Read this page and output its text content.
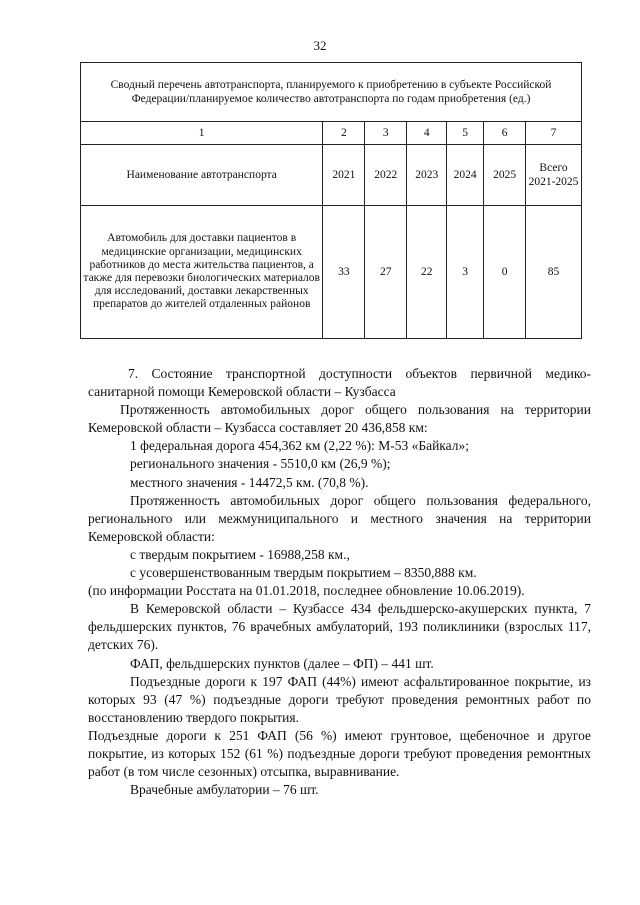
32
Сводный перечень автотранспорта, планируемого к приобретению в субъекте Российской Федерации/планируемое количество автотранспорта по годам приобретения (ед.)						
1	2	3	4	5	6	7
Наименование автотранспорта	2021	2022	2023	2024	2025	Всего 2021-2025
Автомобиль для доставки пациентов в медицинские организации, медицинских работников до места жительства пациентов, а также для перевозки биологических материалов для исследований, доставки лекарственных препаратов до жителей отдаленных районов	33	27	22	3	0	85

7. Состояние транспортной доступности объектов первичной медико-санитарной помощи Кемеровской области – Кузбасса

Протяженность автомобильных дорог общего пользования на территории Кемеровской области – Кузбасса составляет 20 436,858 км:

1 федеральная дорога 454,362 км (2,22 %): М-53 «Байкал»;

регионального значения - 5510,0 км (26,9 %);

местного значения - 14472,5 км. (70,8 %).

Протяженность автомобильных дорог общего пользования федерального, регионального или межмуниципального и местного значения на территории Кемеровской области:

с твердым покрытием - 16988,258 км.,

с усовершенствованным твердым покрытием – 8350,888 км.

(по информации Росстата на 01.01.2018, последнее обновление 10.06.2019).

В Кемеровской области – Кузбассе 434 фельдшерско-акушерских пункта, 7 фельдшерских пунктов, 76 врачебных амбулаторий, 193 поликлиники (взрослых 117, детских 76).

ФАП, фельдшерских пунктов (далее – ФП) – 441 шт.

Подъездные дороги к 197 ФАП (44%) имеют асфальтированное покрытие, из которых 93 (47 %) подъездные дороги требуют проведения ремонтных работ по восстановлению твердого покрытия.

Подъездные дороги к 251 ФАП (56 %) имеют грунтовое, щебеночное и другое покрытие, из которых 152 (61 %) подъездные дороги требуют проведения ремонтных работ (в том числе сезонных) отсыпка, выравнивание.

Врачебные амбулатории – 76 шт.
